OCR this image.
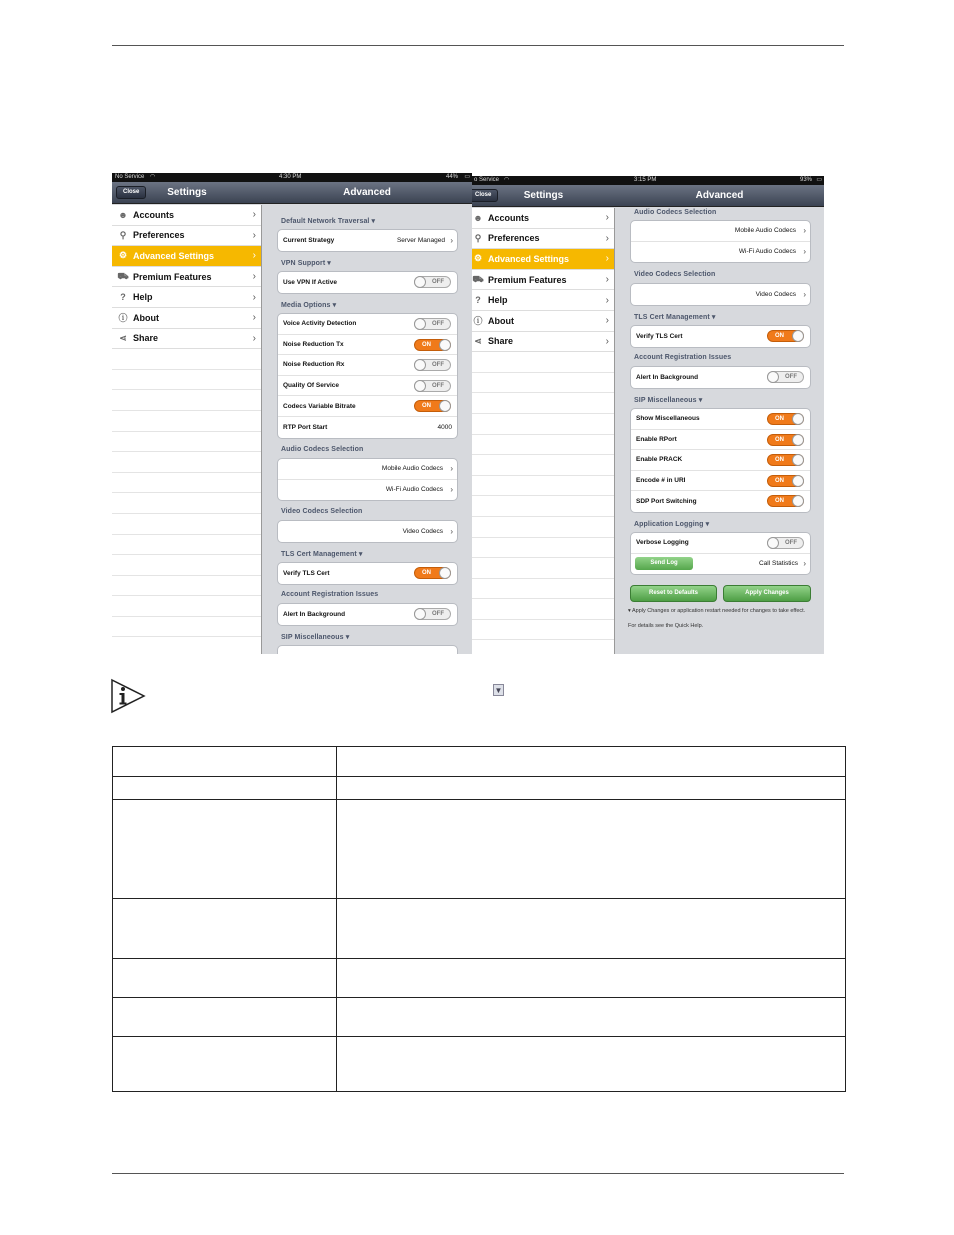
No Service ◠	4:30 PM	44% ▭
Close	Settings	Advanced
☻ Accounts	›
⚲ Preferences	›
⚙ Advanced Settings	›
⛟ Premium Features	›
? Help	›
ⓘ About	›
⋖ Share	›
Default Network Traversal ▾
Current Strategy	Server Managed ›
VPN Support ▾
Use VPN If Active	OFF
Media Options ▾
Voice Activity Detection	OFF
Noise Reduction Tx	ON
Noise Reduction Rx	OFF
Quality Of Service	OFF
Codecs Variable Bitrate	ON
RTP Port Start	4000
Audio Codecs Selection
Mobile Audio Codecs ›
Wi-Fi Audio Codecs ›
Video Codecs Selection
Video Codecs ›
TLS Cert Management ▾
Verify TLS Cert	ON
Account Registration Issues
Alert In Background	OFF
SIP Miscellaneous ▾
o Service ◠	3:15 PM	93% ▭
Close	Settings	Advanced
☻ Accounts	›
⚲ Preferences	›
⚙ Advanced Settings	›
⛟ Premium Features	›
? Help	›
ⓘ About	›
⋖ Share	›
Audio Codecs Selection
Mobile Audio Codecs ›
Wi-Fi Audio Codecs ›
Video Codecs Selection
Video Codecs ›
TLS Cert Management ▾
Verify TLS Cert	ON
Account Registration Issues
Alert In Background	OFF
SIP Miscellaneous ▾
Show Miscellaneous	ON
Enable RPort	ON
Enable PRACK	ON
Encode # in URI	ON
SDP Port Switching	ON
Application Logging ▾
Verbose Logging	OFF
Send Log	Call Statistics ›
Reset to Defaults	Apply Changes
▾ Apply Changes or application restart needed for changes to take effect.
For details see the Quick Help.
▼
